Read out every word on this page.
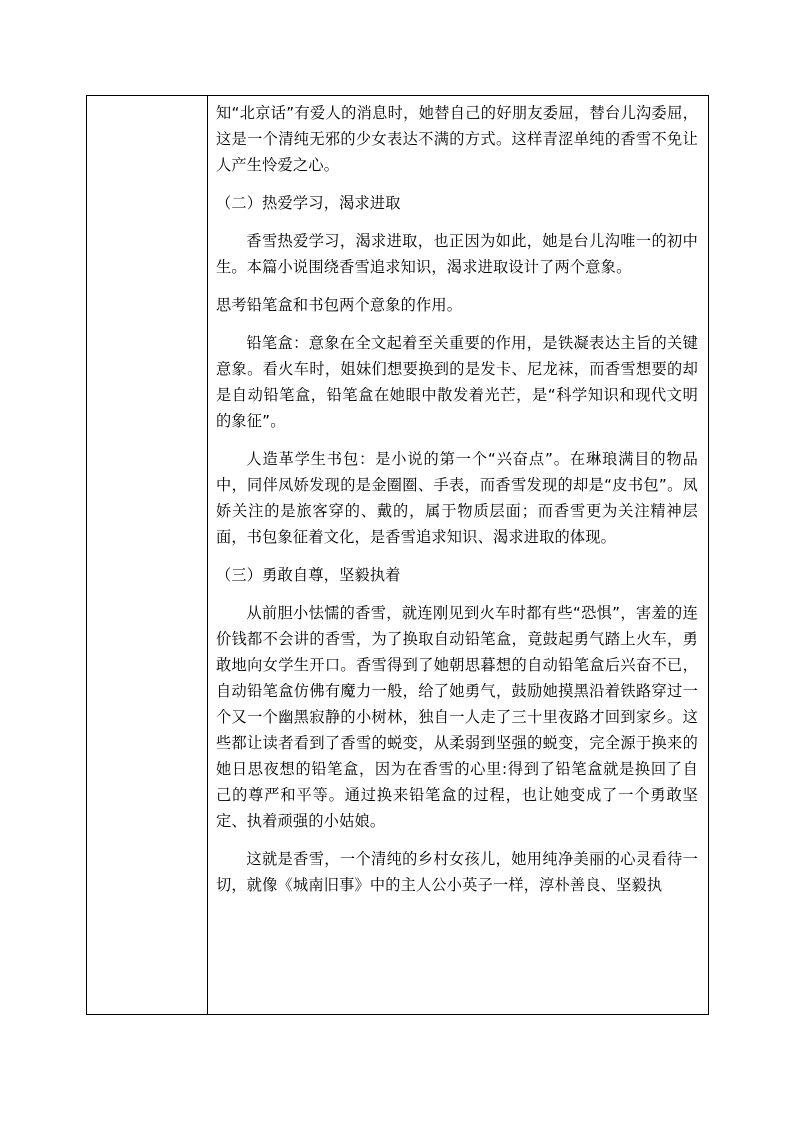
知“北京话”有爱人的消息时，她替自己的好朋友委屈，替台儿沟委屈，这是一个清纯无邪的少女表达不满的方式。这样青涩单纯的香雪不免让人产生怜爱之心。

（二）热爱学习，渴求进取

香雪热爱学习，渴求进取，也正因为如此，她是台儿沟唯一的初中生。本篇小说围绕香雪追求知识，渴求进取设计了两个意象。

思考铅笔盒和书包两个意象的作用。

铅笔盒：意象在全文起着至关重要的作用，是铁凝表达主旨的关键意象。看火车时，姐妹们想要换到的是发卡、尼龙袜，而香雪想要的却是自动铅笔盒，铅笔盒在她眼中散发着光芒，是“科学知识和现代文明的象征”。

人造革学生书包：是小说的第一个“兴奋点”。在琳琅满目的物品中，同伴凤娇发现的是金圈圈、手表，而香雪发现的却是“皮书包”。凤娇关注的是旅客穿的、戴的，属于物质层面；而香雪更为关注精神层面，书包象征着文化，是香雪追求知识、渴求进取的体现。

（三）勇敢自尊，坚毅执着

从前胆小怯懦的香雪，就连刚见到火车时都有些“恐惧”，害羞的连价钱都不会讲的香雪，为了换取自动铅笔盒，竟鼓起勇气踏上火车，勇敢地向女学生开口。香雪得到了她朝思暮想的自动铅笔盒后兴奋不已，自动铅笔盒仿佛有魔力一般，给了她勇气，鼓励她摸黑沿着铁路穿过一个又一个幽黑寂静的小树林，独自一人走了三十里夜路才回到家乡。这些都让读者看到了香雪的蜕变，从柔弱到坚强的蜕变，完全源于换来的她日思夜想的铅笔盒，因为在香雪的心里:得到了铅笔盒就是换回了自己的尊严和平等。通过换来铅笔盒的过程，也让她变成了一个勇敢坚定、执着顽强的小姑娘。

这就是香雪，一个清纯的乡村女孩儿，她用纯净美丽的心灵看待一切，就像《城南旧事》中的主人公小英子一样，淳朴善良、坚毅执
